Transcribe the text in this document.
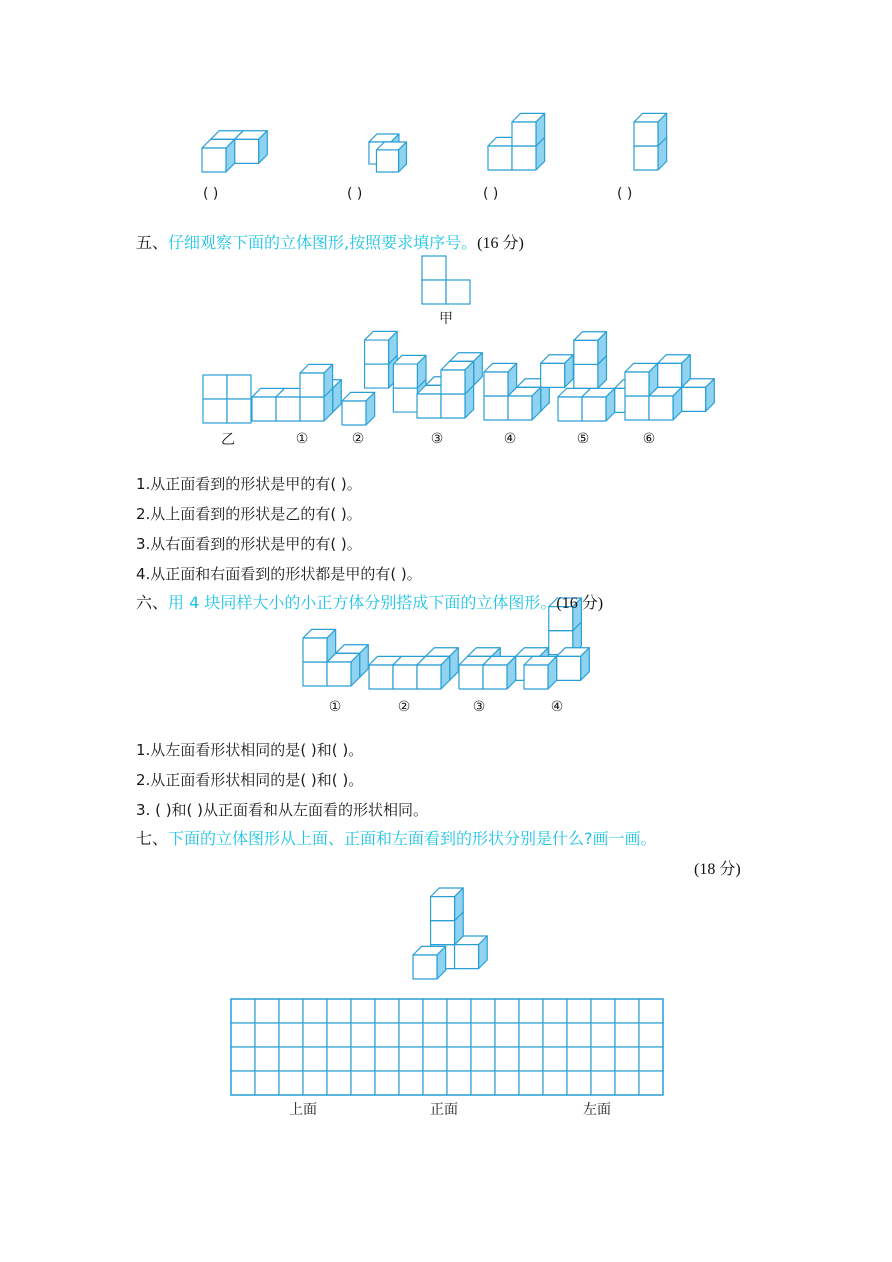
( )	( )	( )	( )
五、仔细观察下面的立体图形,按照要求填序号。(16 分)
甲
乙	①	②	③	④	⑤	⑥
1.从正面看到的形状是甲的有( )。
2.从上面看到的形状是乙的有( )。
3.从右面看到的形状是甲的有( )。
4.从正面和右面看到的形状都是甲的有( )。
六、用 4 块同样大小的小正方体分别搭成下面的立体图形。(16 分)
①	②	③	④
1.从左面看形状相同的是( )和( )。
2.从正面看形状相同的是( )和( )。
3. ( )和( )从正面看和从左面看的形状相同。
七、下面的立体图形从上面、正面和左面看到的形状分别是什么?画一画。
(18 分)
上面	正面	左面
